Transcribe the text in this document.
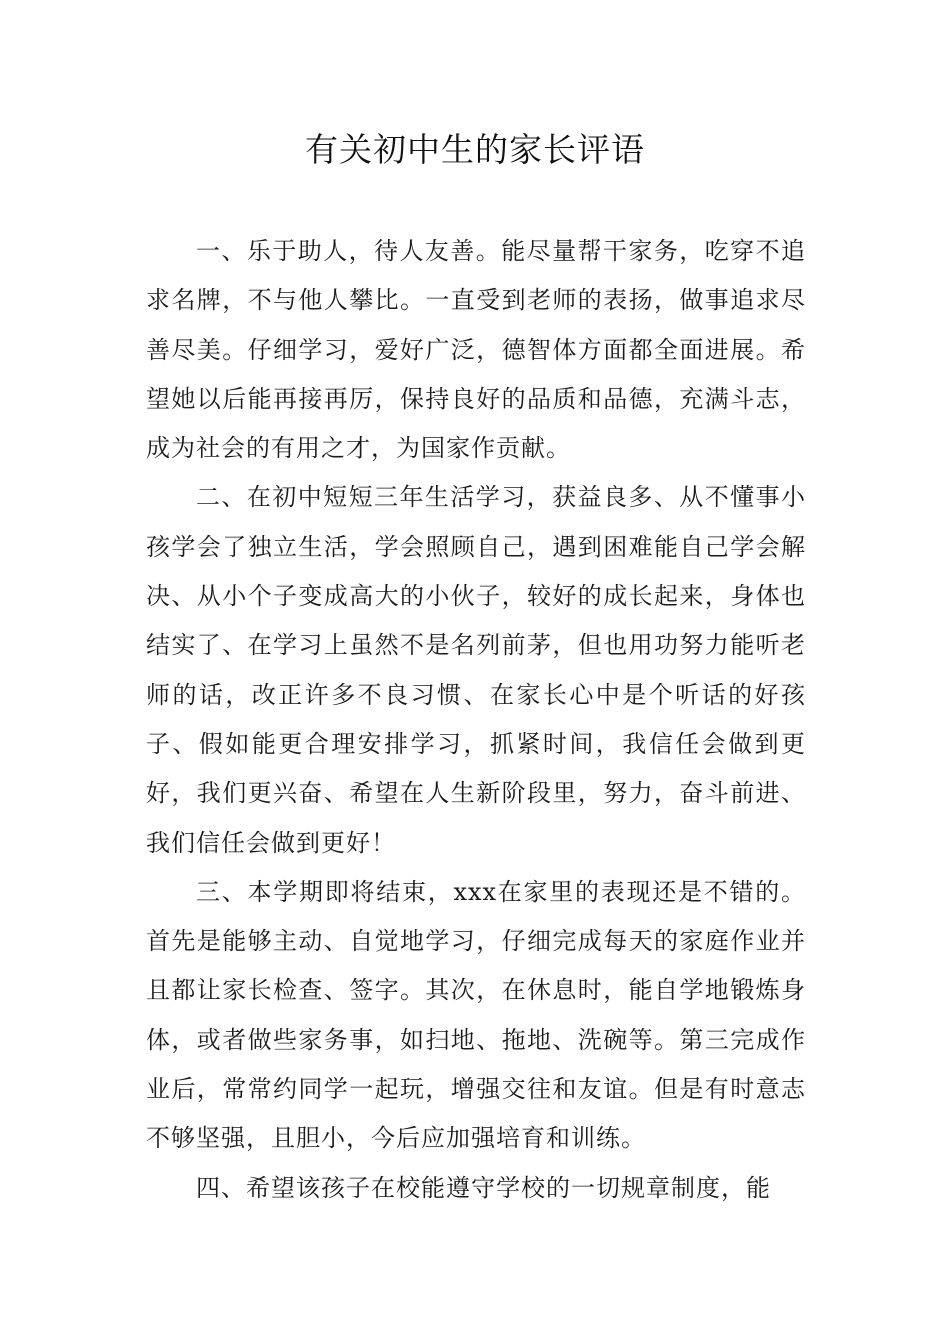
有关初中生的家长评语

一、乐于助人，待人友善。能尽量帮干家务，吃穿不追求名牌，不与他人攀比。一直受到老师的表扬，做事追求尽善尽美。仔细学习，爱好广泛，德智体方面都全面进展。希望她以后能再接再厉，保持良好的品质和品德，充满斗志，成为社会的有用之才，为国家作贡献。

二、在初中短短三年生活学习，获益良多、从不懂事小孩学会了独立生活，学会照顾自己，遇到困难能自己学会解决、从小个子变成高大的小伙子，较好的成长起来，身体也结实了、在学习上虽然不是名列前茅，但也用功努力能听老师的话，改正许多不良习惯、在家长心中是个听话的好孩子、假如能更合理安排学习，抓紧时间，我信任会做到更好，我们更兴奋、希望在人生新阶段里，努力，奋斗前进、我们信任会做到更好！

三、本学期即将结束，xxx在家里的表现还是不错的。首先是能够主动、自觉地学习，仔细完成每天的家庭作业并且都让家长检查、签字。其次，在休息时，能自学地锻炼身体，或者做些家务事，如扫地、拖地、洗碗等。第三完成作业后，常常约同学一起玩，增强交往和友谊。但是有时意志不够坚强，且胆小，今后应加强培育和训练。

四、希望该孩子在校能遵守学校的一切规章制度，能
